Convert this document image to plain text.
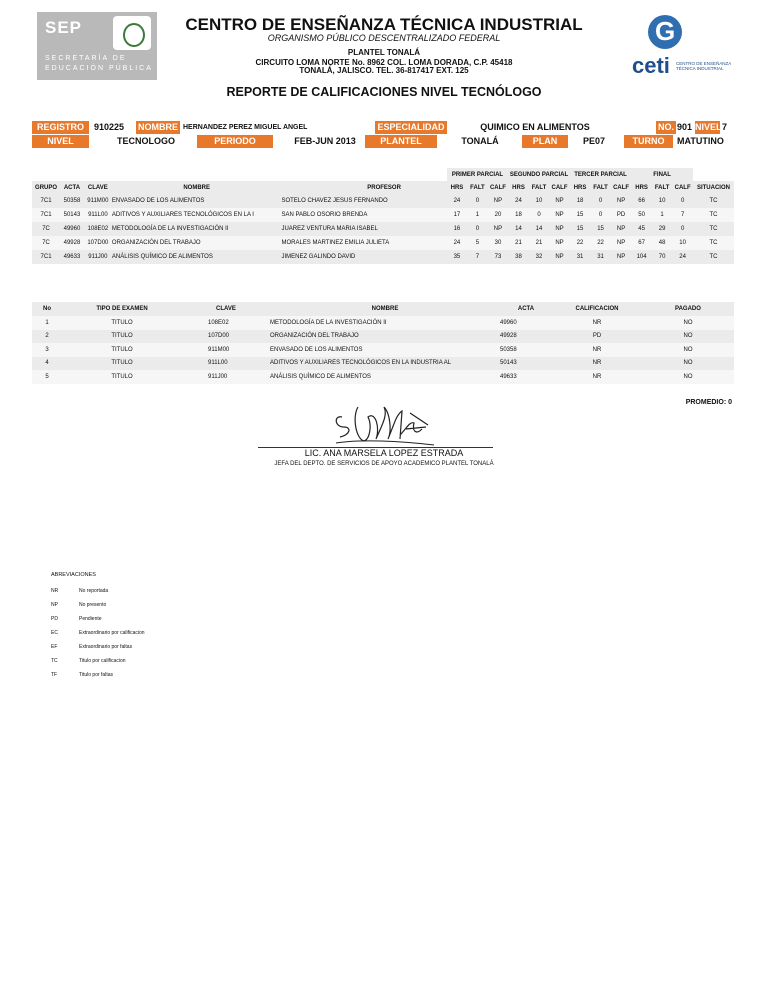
SEP
SECRETARÍA DE
EDUCACIÓN PÚBLICA
CENTRO DE ENSEÑANZA TÉCNICA INDUSTRIAL
ORGANISMO PÚBLICO DESCENTRALIZADO FEDERAL
PLANTEL TONALÁ
CIRCUITO LOMA NORTE No. 8962 COL. LOMA DORADA, C.P. 45418
TONALÁ, JALISCO. TEL. 36-817417 EXT. 125
G	ceti CENTRO DE ENSEÑANZA
TÉCNICA INDUSTRIAL
REPORTE DE CALIFICACIONES NIVEL TECNÓLOGO
REGISTRO	910225	NOMBRE HERNANDEZ PEREZ MIGUEL ANGEL	ESPECIALIDAD	QUIMICO EN ALIMENTOS	NO. 901 NIVEL 7
NIVEL	TECNOLOGO	PERIODO	FEB-JUN 2013	PLANTEL	TONALÁ	PLAN	PE07	TURNO	MATUTINO
					PRIMER PARCIAL			SEGUNDO PARCIAL			TERCER PARCIAL			FINAL			
GRUPO	ACTA	CLAVE	NOMBRE	PROFESOR	HRS	FALT	CALF	HRS	FALT	CALF	HRS	FALT	CALF	HRS	FALT	CALF	SITUACION
7C1	50358	911M00	ENVASADO DE LOS ALIMENTOS	SOTELO CHAVEZ JESUS FERNANDO	24	0	NP	24	10	NP	18	0	NP	66	10	0	TC
7C1	50143	911L00	ADITIVOS Y AUXILIARES TECNOLÓGICOS EN LA I	SAN PABLO OSORIO BRENDA	17	1	20	18	0	NP	15	0	PD	50	1	7	TC
7C	49960	108E02	METODOLOGÍA DE LA INVESTIGACIÓN II	JUAREZ VENTURA MARIA ISABEL	16	0	NP	14	14	NP	15	15	NP	45	29	0	TC
7C	49928	107D00	ORGANIZACIÓN DEL TRABAJO	MORALES MARTINEZ EMILIA JULIETA	24	5	30	21	21	NP	22	22	NP	67	48	10	TC
7C1	49633	911J00	ANÁLISIS QUÍMICO DE ALIMENTOS	JIMENEZ GALINDO DAVID	35	7	73	38	32	NP	31	31	NP	104	70	24	TC
No	TIPO DE EXAMEN	CLAVE	NOMBRE	ACTA	CALIFICACION	PAGADO
1	TITULO	108E02	METODOLOGÍA DE LA INVESTIGACIÓN II	49960	NR	NO
2	TITULO	107D00	ORGANIZACIÓN DEL TRABAJO	49928	PD	NO
3	TITULO	911M00	ENVASADO DE LOS ALIMENTOS	50358	NR	NO
4	TITULO	911L00	ADITIVOS Y AUXILIARES TECNOLÓGICOS EN LA INDUSTRIA AL	50143	NR	NO
5	TITULO	911J00	ANÁLISIS QUÍMICO DE ALIMENTOS	49633	NR	NO
PROMEDIO: 0
LIC. ANA MARSELA LOPEZ ESTRADA
JEFA DEL DEPTO. DE SERVICIOS DE APOYO ACADEMICO PLANTEL TONALÁ
ABREVIACIONES
NR	No reportada
NP	No presento
PD	Pendiente
EC	Extraordinario por calificacion
EF	Extraordinario por faltas
TC	Titulo por calificacion
TF	Titulo por faltas
